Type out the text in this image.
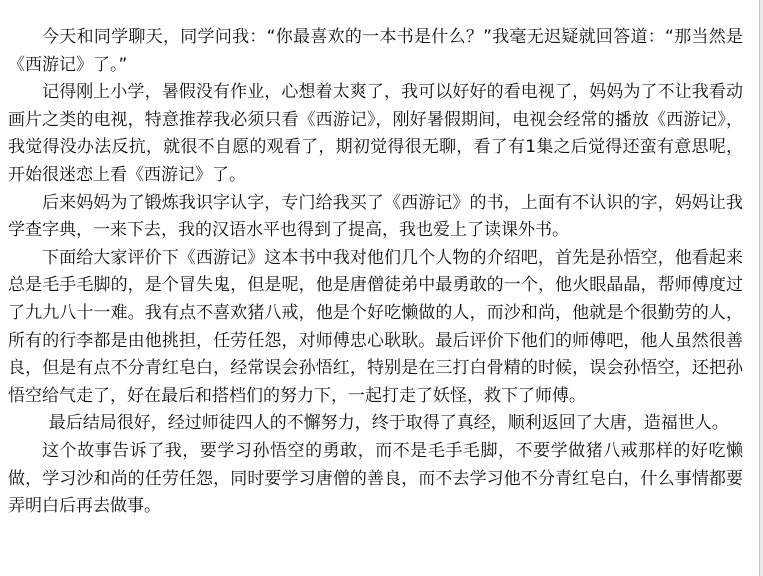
今天和同学聊天，同学问我：“你最喜欢的一本书是什么？”我毫无迟疑就回答道：“那当然是《西游记》了。”

记得刚上小学，暑假没有作业，心想着太爽了，我可以好好的看电视了，妈妈为了不让我看动画片之类的电视，特意推荐我必须只看《西游记》，刚好暑假期间，电视会经常的播放《西游记》，我觉得没办法反抗，就很不自愿的观看了，期初觉得很无聊，看了有1集之后觉得还蛮有意思呢，开始很迷恋上看《西游记》了。

后来妈妈为了锻炼我识字认字，专门给我买了《西游记》的书，上面有不认识的字，妈妈让我学查字典，一来下去，我的汉语水平也得到了提高，我也爱上了读课外书。

下面给大家评价下《西游记》这本书中我对他们几个人物的介绍吧，首先是孙悟空，他看起来总是毛手毛脚的，是个冒失鬼，但是呢，他是唐僧徒弟中最勇敢的一个，他火眼晶晶，帮师傅度过了九九八十一难。我有点不喜欢猪八戒，他是个好吃懒做的人，而沙和尚，他就是个很勤劳的人，所有的行李都是由他挑担，任劳任怨，对师傅忠心耿耿。最后评价下他们的师傅吧，他人虽然很善良，但是有点不分青红皂白，经常误会孙悟红，特别是在三打白骨精的时候，误会孙悟空，还把孙悟空给气走了，好在最后和搭档们的努力下，一起打走了妖怪，救下了师傅。

最后结局很好，经过师徒四人的不懈努力，终于取得了真经，顺利返回了大唐，造福世人。

这个故事告诉了我，要学习孙悟空的勇敢，而不是毛手毛脚，不要学做猪八戒那样的好吃懒做，学习沙和尚的任劳任怨，同时要学习唐僧的善良，而不去学习他不分青红皂白，什么事情都要弄明白后再去做事。
